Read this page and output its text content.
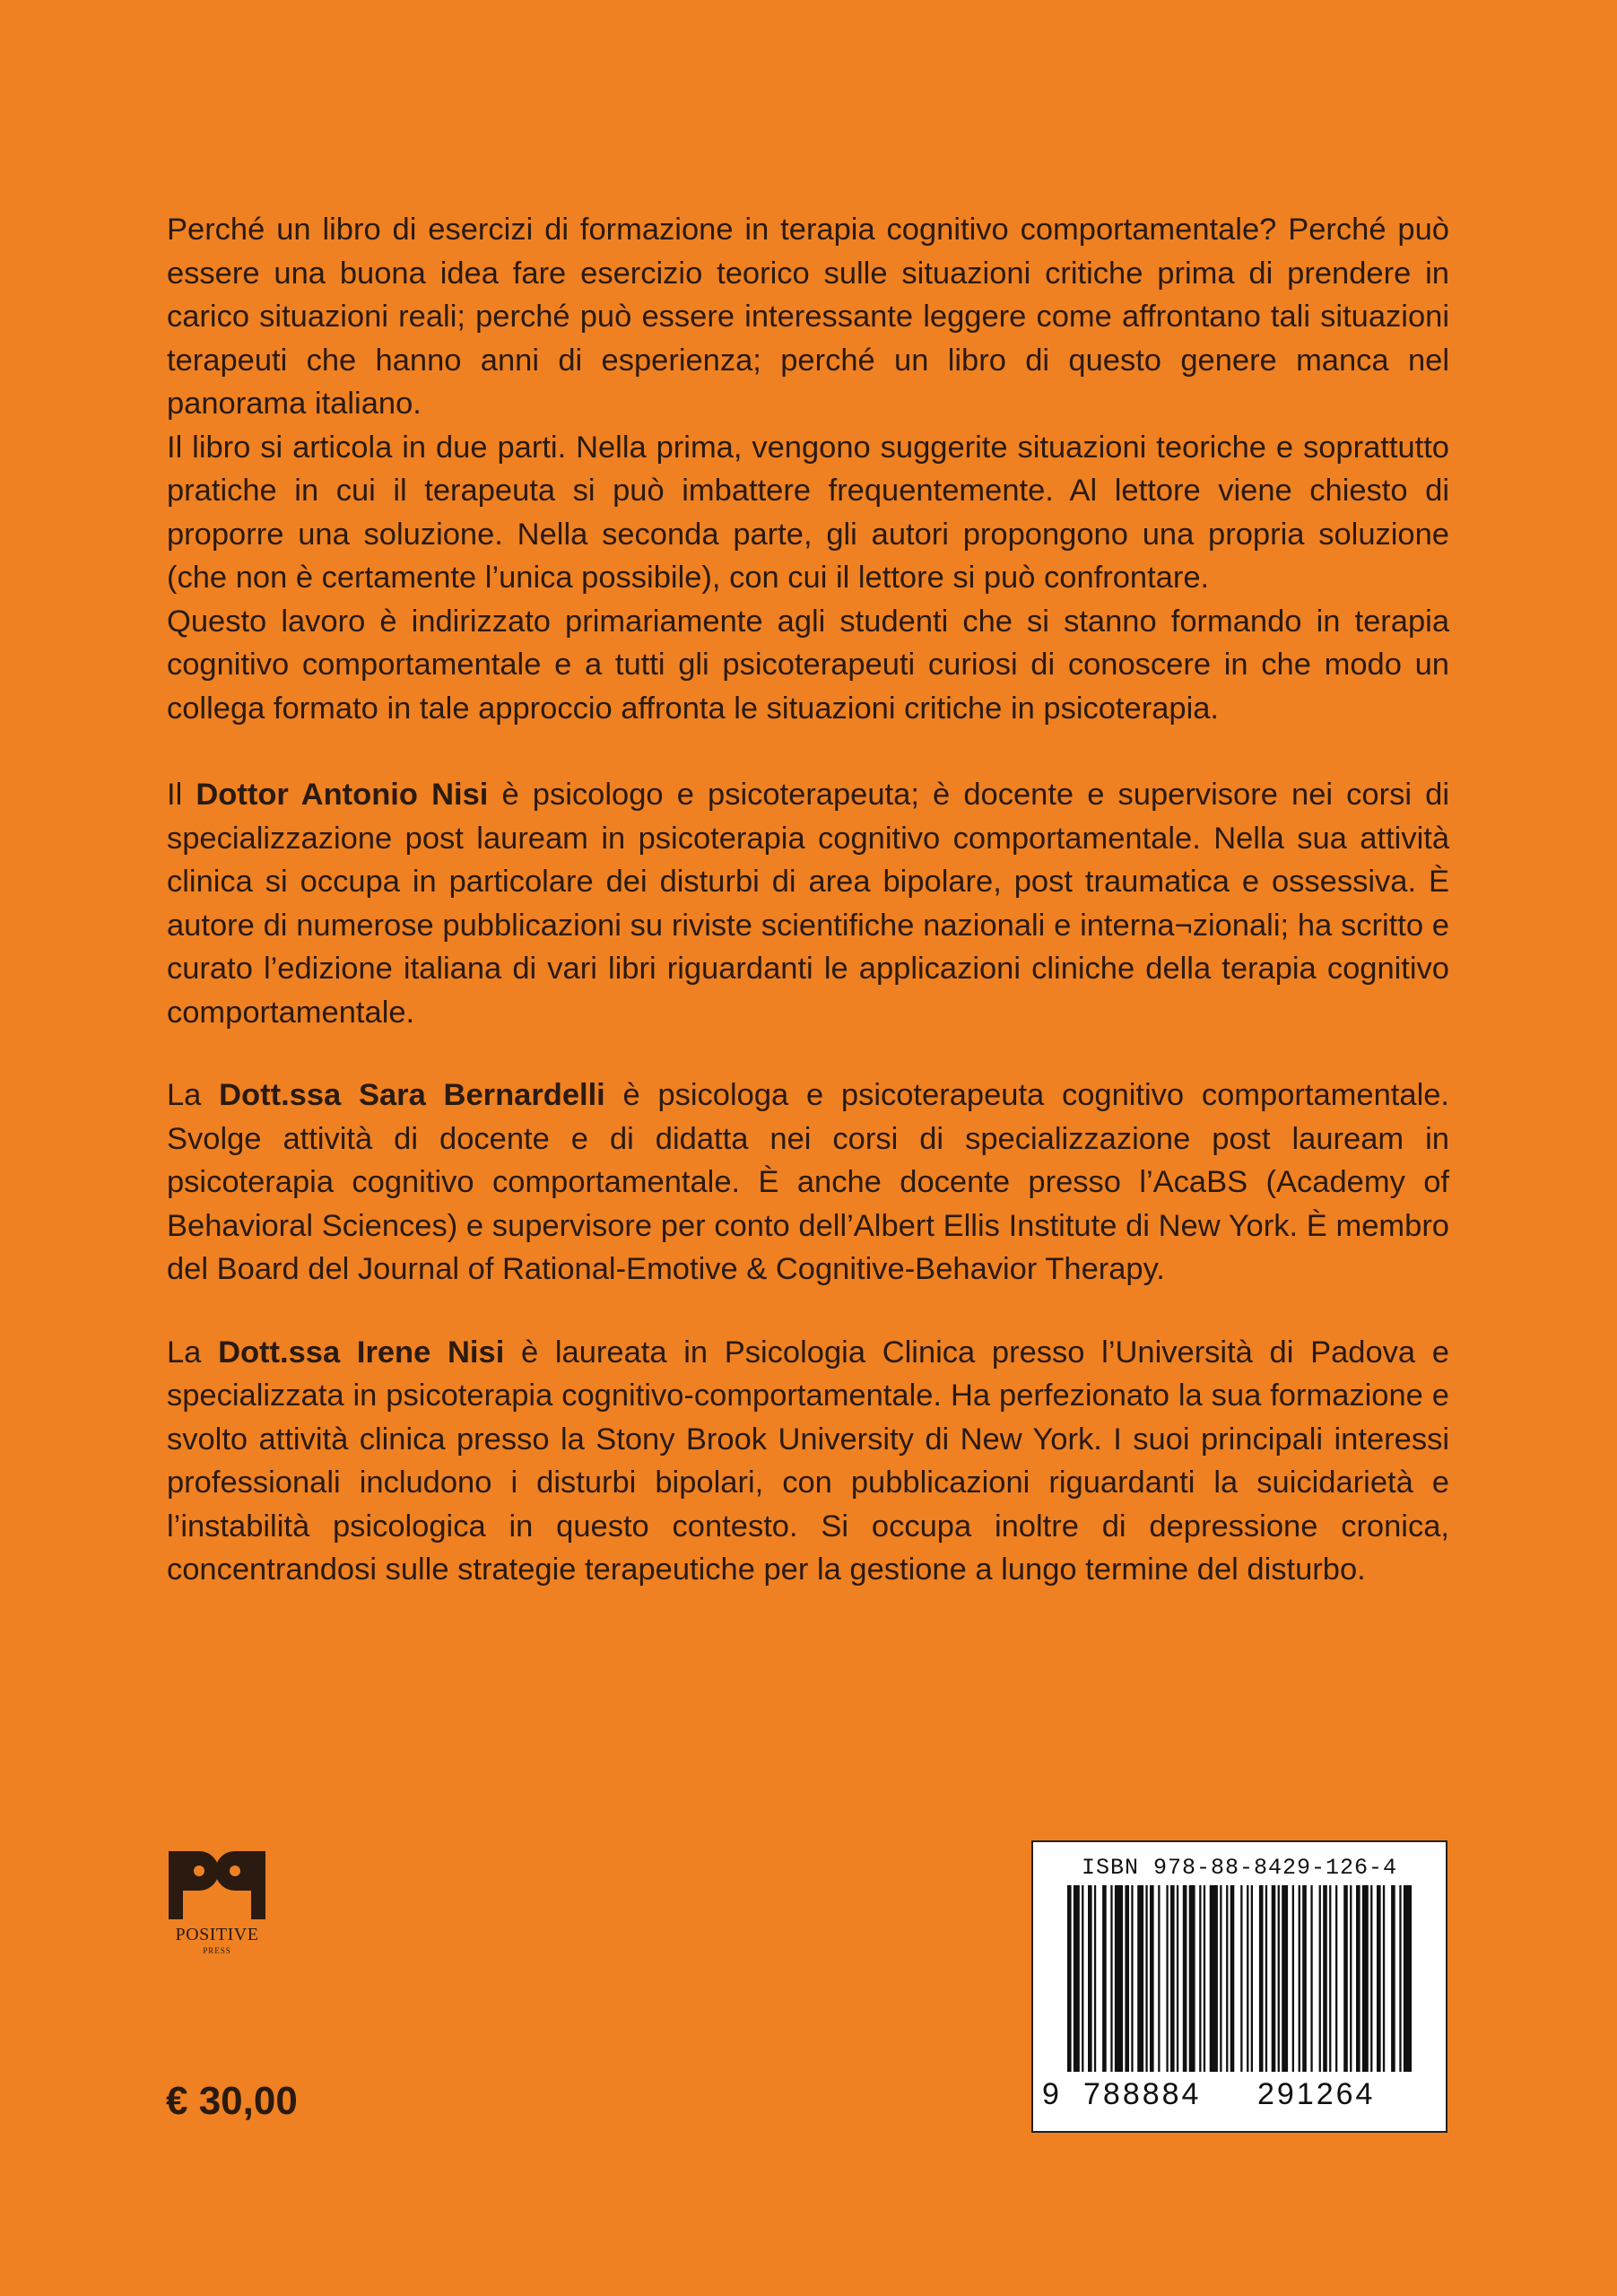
Perché un libro di esercizi di formazione in terapia cognitivo comportamentale? Perché può essere una buona idea fare esercizio teorico sulle situazioni critiche prima di prendere in carico situazioni reali; perché può essere interessante leggere come affrontano tali situazioni terapeuti che hanno anni di esperienza; perché un libro di questo genere manca nel panorama italiano.

Il libro si articola in due parti. Nella prima, vengono suggerite situazioni teoriche e soprattutto pratiche in cui il terapeuta si può imbattere frequentemente. Al lettore viene chiesto di proporre una soluzione. Nella seconda parte, gli autori propongono una propria soluzione (che non è certamente l’unica possibile), con cui il lettore si può confrontare.

Questo lavoro è indirizzato primariamente agli studenti che si stanno formando in terapia cognitivo comportamentale e a tutti gli psicoterapeuti curiosi di conoscere in che modo un collega formato in tale approccio affronta le situazioni critiche in psicoterapia.

Il Dottor Antonio Nisi è psicologo e psicoterapeuta; è docente e supervisore nei corsi di specializzazione post lauream in psicoterapia cognitivo comportamentale. Nella sua attività clinica si occupa in particolare dei disturbi di area bipolare, post traumatica e ossessiva. È autore di numerose pubblicazioni su riviste scientifiche nazionali e interna¬zionali; ha scritto e curato l’edizione italiana di vari libri riguardanti le applicazioni cliniche della terapia cognitivo comportamentale.

La Dott.ssa Sara Bernardelli è psicologa e psicoterapeuta cognitivo comportamentale. Svolge attività di docente e di didatta nei corsi di specializzazione post lauream in psicoterapia cognitivo comportamentale. È anche docente presso l’AcaBS (Academy of Behavioral Sciences) e supervisore per conto dell’Albert Ellis Institute di New York. È membro del Board del Journal of Rational-Emotive & Cognitive-Behavior Therapy.

La Dott.ssa Irene Nisi è laureata in Psicologia Clinica presso l’Università di Padova e specializzata in psicoterapia cognitivo-comportamentale. Ha perfezionato la sua formazione e svolto attività clinica presso la Stony Brook University di New York. I suoi principali interessi professionali includono i disturbi bipolari, con pubblicazioni riguardanti la suicidarietà e l’instabilità psicologica in questo contesto. Si occupa inoltre di depressione cronica, concentrandosi sulle strategie terapeutiche per la gestione a lungo termine del disturbo.

POSITIVE
PRESS
€ 30,00
ISBN 978-88-8429-126-4
9 788884 291264
